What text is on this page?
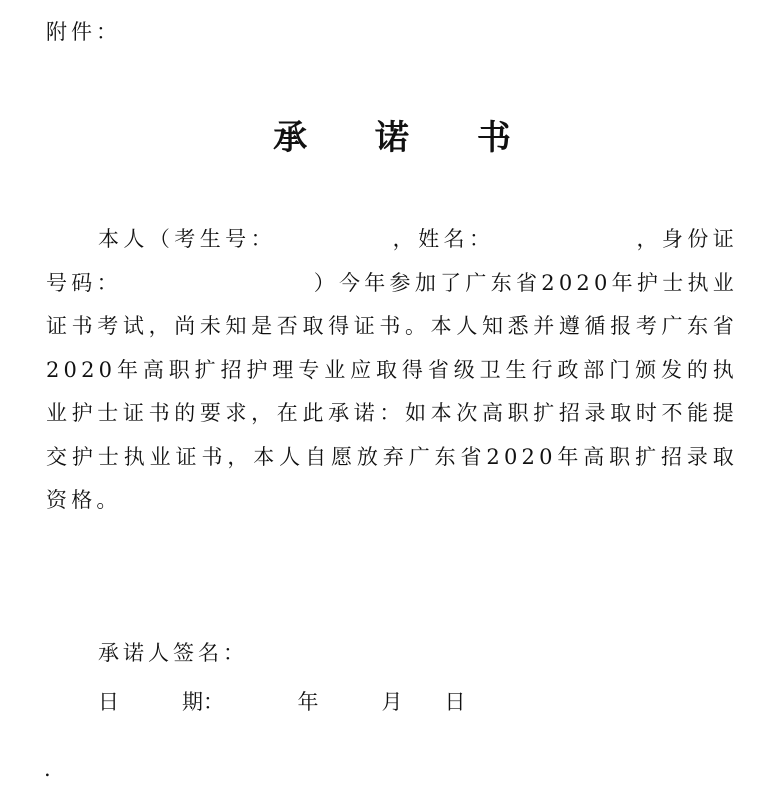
附件：
承 诺 书

本人（考生号：　　　　　，姓名：　　　　　　，身份证号码：　　　　　　　　）今年参加了广东省2020年护士执业证书考试，尚未知是否取得证书。本人知悉并遵循报考广东省2020年高职扩招护理专业应取得省级卫生行政部门颁发的执业护士证书的要求，在此承诺：如本次高职扩招录取时不能提交护士执业证书，本人自愿放弃广东省2020年高职扩招录取资格。

承诺人签名：
日　　　期：　　　　年　　　月　　日
.
